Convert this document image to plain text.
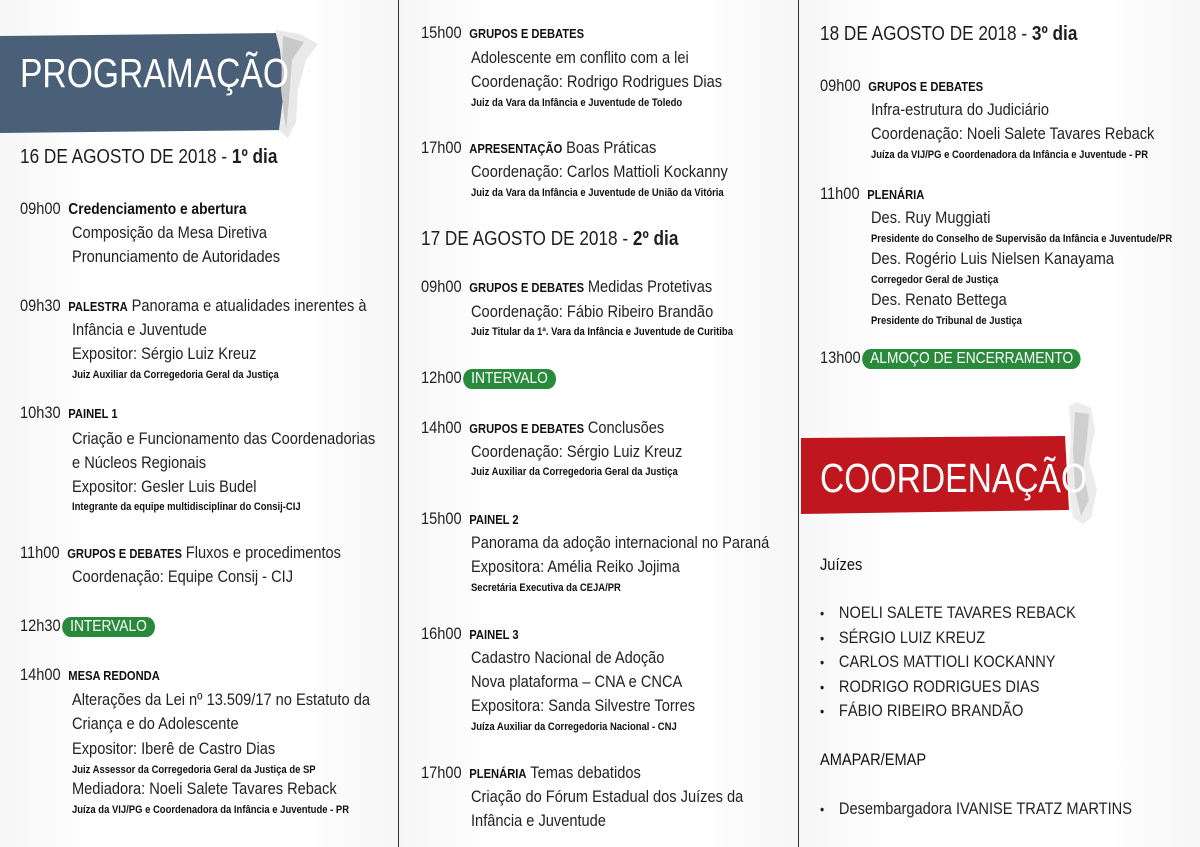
PROGRAMAÇÃO
16 DE AGOSTO DE 2018 - 1º dia
09h00 Credenciamento e abertura
Composição da Mesa Diretiva
Pronunciamento de Autoridades
09h30 PALESTRA Panorama e atualidades inerentes à
Infância e Juventude
Expositor: Sérgio Luiz Kreuz
Juiz Auxiliar da Corregedoria Geral da Justiça
10h30 PAINEL 1
Criação e Funcionamento das Coordenadorias
e Núcleos Regionais
Expositor: Gesler Luis Budel
Integrante da equipe multidisciplinar do Consij-CIJ
11h00 GRUPOS E DEBATES Fluxos e procedimentos
Coordenação: Equipe Consij - CIJ
12h30 INTERVALO
14h00 MESA REDONDA
Alterações da Lei nº 13.509/17 no Estatuto da
Criança e do Adolescente
Expositor: Iberê de Castro Dias
Juiz Assessor da Corregedoria Geral da Justiça de SP
Mediadora: Noeli Salete Tavares Reback
Juíza da VIJ/PG e Coordenadora da Infância e Juventude - PR
15h00 GRUPOS E DEBATES
Adolescente em conflito com a lei
Coordenação: Rodrigo Rodrigues Dias
Juiz da Vara da Infância e Juventude de Toledo
17h00 APRESENTAÇÃO Boas Práticas
Coordenação: Carlos Mattioli Kockanny
Juiz da Vara da Infância e Juventude de União da Vitória
17 DE AGOSTO DE 2018 - 2º dia
09h00 GRUPOS E DEBATES Medidas Protetivas
Coordenação: Fábio Ribeiro Brandão
Juiz Titular da 1ª. Vara da Infância e Juventude de Curitiba
12h00 INTERVALO
14h00 GRUPOS E DEBATES Conclusões
Coordenação: Sérgio Luiz Kreuz
Juiz Auxiliar da Corregedoria Geral da Justiça
15h00 PAINEL 2
Panorama da adoção internacional no Paraná
Expositora: Amélia Reiko Jojima
Secretária Executiva da CEJA/PR
16h00 PAINEL 3
Cadastro Nacional de Adoção
Nova plataforma – CNA e CNCA
Expositora: Sanda Silvestre Torres
Juíza Auxiliar da Corregedoria Nacional - CNJ
17h00 PLENÁRIA Temas debatidos
Criação do Fórum Estadual dos Juízes da
Infância e Juventude
18 DE AGOSTO DE 2018 - 3º dia
09h00 GRUPOS E DEBATES
Infra-estrutura do Judiciário
Coordenação: Noeli Salete Tavares Reback
Juíza da VIJ/PG e Coordenadora da Infância e Juventude - PR
11h00 PLENÁRIA
Des. Ruy Muggiati
Presidente do Conselho de Supervisão da Infância e Juventude/PR
Des. Rogério Luis Nielsen Kanayama
Corregedor Geral de Justiça
Des. Renato Bettega
Presidente do Tribunal de Justiça
13h00 ALMOÇO DE ENCERRAMENTO
COORDENAÇÃO
Juízes
• NOELI SALETE TAVARES REBACK
• SÉRGIO LUIZ KREUZ
• CARLOS MATTIOLI KOCKANNY
• RODRIGO RODRIGUES DIAS
• FÁBIO RIBEIRO BRANDÃO
AMAPAR/EMAP
• Desembargadora IVANISE TRATZ MARTINS
